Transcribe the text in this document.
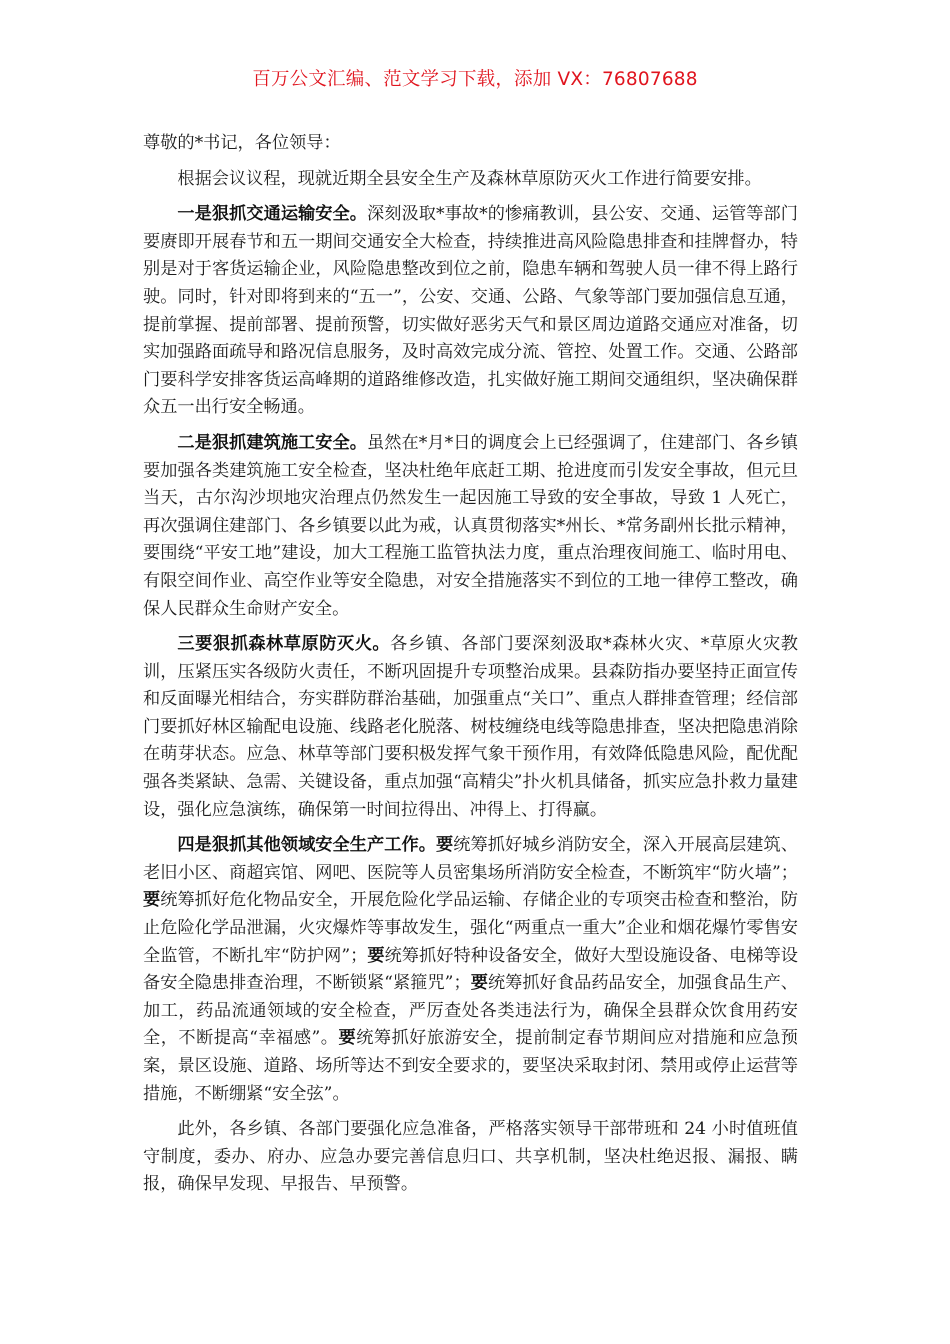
百万公文汇编、范文学习下载，添加 VX：76807688

尊敬的*书记，各位领导：

根据会议议程，现就近期全县安全生产及森林草原防灭火工作进行简要安排。

一是狠抓交通运输安全。深刻汲取*事故*的惨痛教训，县公安、交通、运管等部门要赓即开展春节和五一期间交通安全大检查，持续推进高风险隐患排查和挂牌督办，特别是对于客货运输企业，风险隐患整改到位之前，隐患车辆和驾驶人员一律不得上路行驶。同时，针对即将到来的“五一”，公安、交通、公路、气象等部门要加强信息互通，提前掌握、提前部署、提前预警，切实做好恶劣天气和景区周边道路交通应对准备，切实加强路面疏导和路况信息服务，及时高效完成分流、管控、处置工作。交通、公路部门要科学安排客货运高峰期的道路维修改造，扎实做好施工期间交通组织，坚决确保群众五一出行安全畅通。

二是狠抓建筑施工安全。虽然在*月*日的调度会上已经强调了，住建部门、各乡镇要加强各类建筑施工安全检查，坚决杜绝年底赶工期、抢进度而引发安全事故，但元旦当天，古尔沟沙坝地灾治理点仍然发生一起因施工导致的安全事故，导致 1 人死亡，再次强调住建部门、各乡镇要以此为戒，认真贯彻落实*州长、*常务副州长批示精神，要围绕“平安工地”建设，加大工程施工监管执法力度，重点治理夜间施工、临时用电、有限空间作业、高空作业等安全隐患，对安全措施落实不到位的工地一律停工整改，确保人民群众生命财产安全。

三要狠抓森林草原防灭火。各乡镇、各部门要深刻汲取*森林火灾、*草原火灾教训，压紧压实各级防火责任，不断巩固提升专项整治成果。县森防指办要坚持正面宣传和反面曝光相结合，夯实群防群治基础，加强重点“关口”、重点人群排查管理；经信部门要抓好林区输配电设施、线路老化脱落、树枝缠绕电线等隐患排查，坚决把隐患消除在萌芽状态。应急、林草等部门要积极发挥气象干预作用，有效降低隐患风险，配优配强各类紧缺、急需、关键设备，重点加强“高精尖”扑火机具储备，抓实应急扑救力量建设，强化应急演练，确保第一时间拉得出、冲得上、打得赢。

四是狠抓其他领域安全生产工作。要统筹抓好城乡消防安全，深入开展高层建筑、老旧小区、商超宾馆、网吧、医院等人员密集场所消防安全检查，不断筑牢“防火墙”；要统筹抓好危化物品安全，开展危险化学品运输、存储企业的专项突击检查和整治，防止危险化学品泄漏，火灾爆炸等事故发生，强化“两重点一重大”企业和烟花爆竹零售安全监管，不断扎牢“防护网”；要统筹抓好特种设备安全，做好大型设施设备、电梯等设备安全隐患排查治理，不断锁紧“紧箍咒”；要统筹抓好食品药品安全，加强食品生产、加工，药品流通领域的安全检查，严厉查处各类违法行为，确保全县群众饮食用药安全，不断提高“幸福感”。要统筹抓好旅游安全，提前制定春节期间应对措施和应急预案，景区设施、道路、场所等达不到安全要求的，要坚决采取封闭、禁用或停止运营等措施，不断绷紧“安全弦”。

此外，各乡镇、各部门要强化应急准备，严格落实领导干部带班和 24 小时值班值守制度，委办、府办、应急办要完善信息归口、共享机制，坚决杜绝迟报、漏报、瞒报，确保早发现、早报告、早预警。
